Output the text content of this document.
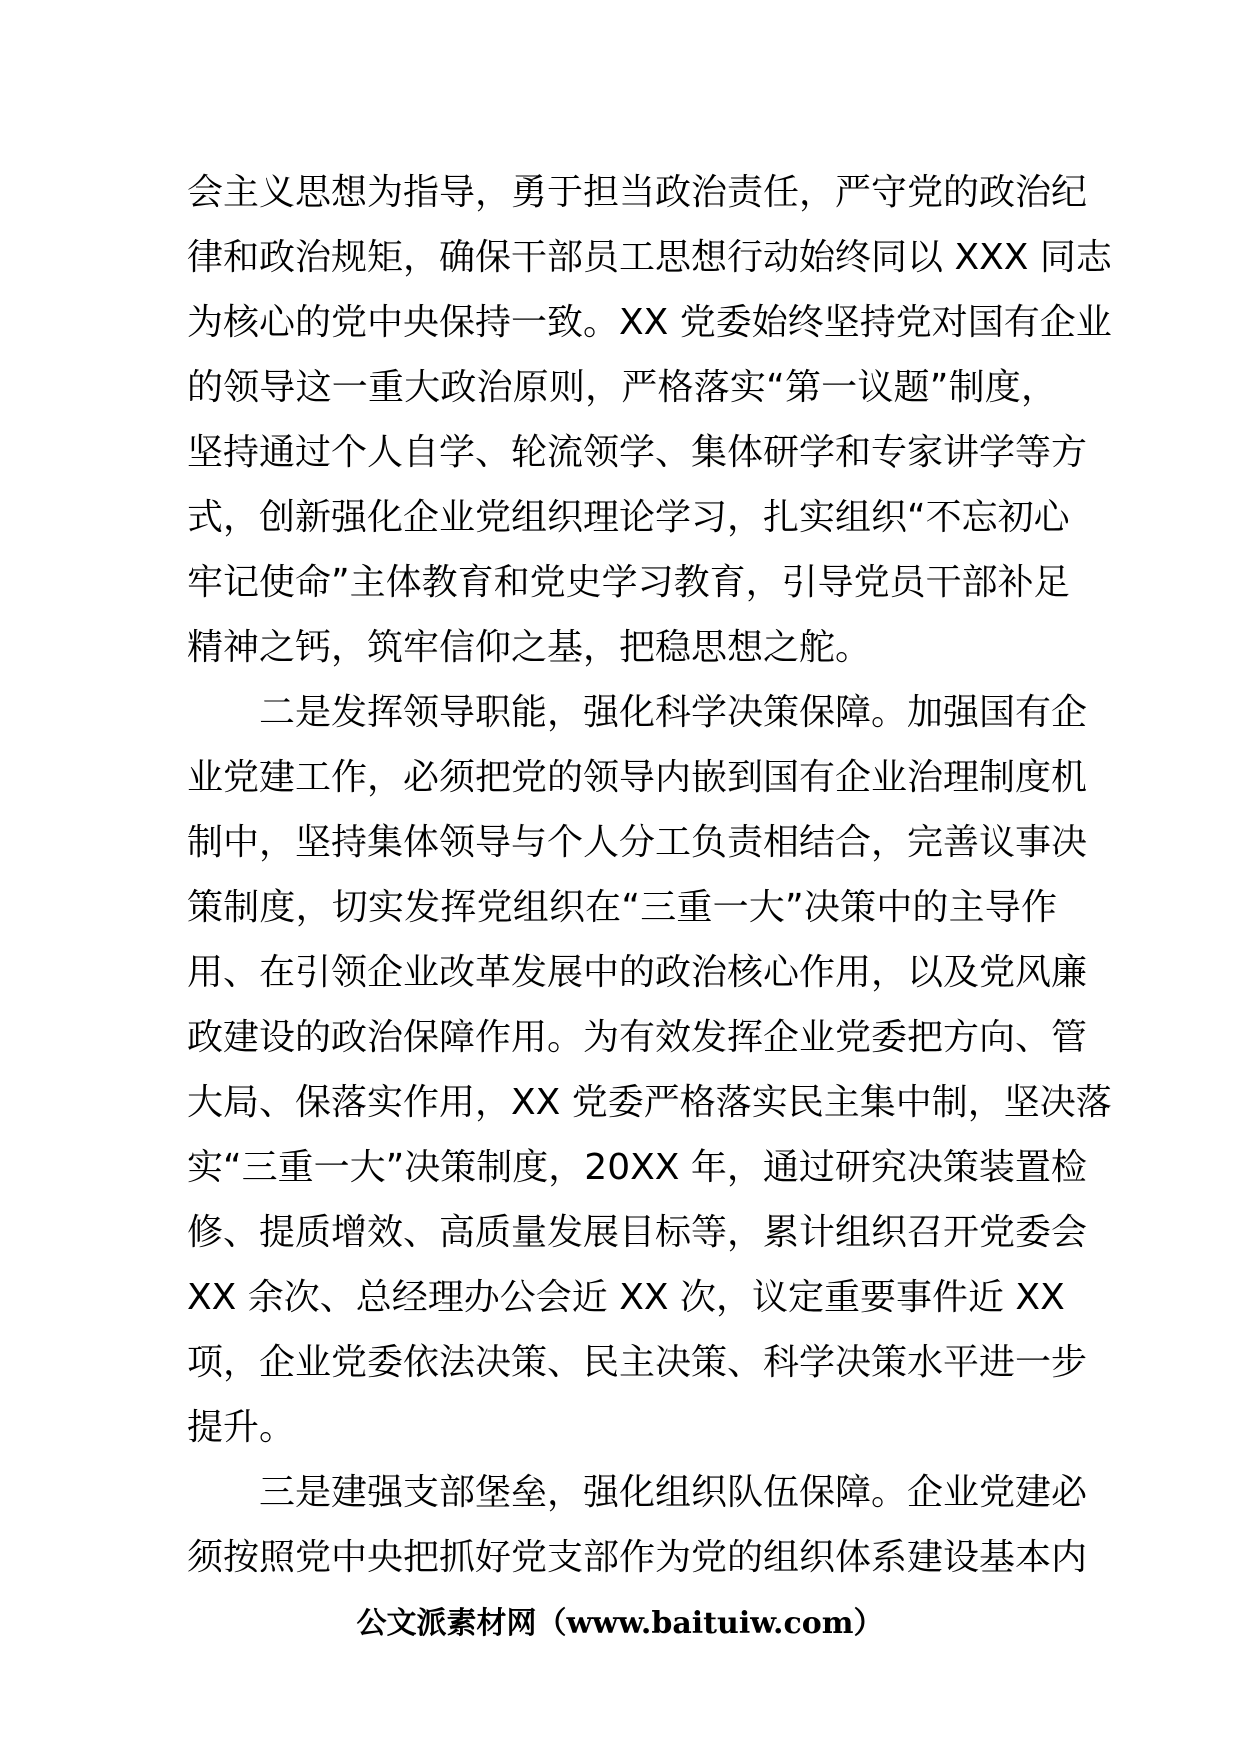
会主义思想为指导，勇于担当政治责任，严守党的政治纪
律和政治规矩，确保干部员工思想行动始终同以 XXX 同志
为核心的党中央保持一致。XX 党委始终坚持党对国有企业
的领导这一重大政治原则，严格落实“第一议题”制度，
坚持通过个人自学、轮流领学、集体研学和专家讲学等方
式，创新强化企业党组织理论学习，扎实组织“不忘初心
牢记使命”主体教育和党史学习教育，引导党员干部补足
精神之钙，筑牢信仰之基，把稳思想之舵。
二是发挥领导职能，强化科学决策保障。加强国有企
业党建工作，必须把党的领导内嵌到国有企业治理制度机
制中，坚持集体领导与个人分工负责相结合，完善议事决
策制度，切实发挥党组织在“三重一大”决策中的主导作
用、在引领企业改革发展中的政治核心作用，以及党风廉
政建设的政治保障作用。为有效发挥企业党委把方向、管
大局、保落实作用，XX 党委严格落实民主集中制，坚决落
实“三重一大”决策制度，20XX 年，通过研究决策装置检
修、提质增效、高质量发展目标等，累计组织召开党委会
XX 余次、总经理办公会近 XX 次，议定重要事件近 XX
项，企业党委依法决策、民主决策、科学决策水平进一步
提升。
三是建强支部堡垒，强化组织队伍保障。企业党建必
须按照党中央把抓好党支部作为党的组织体系建设基本内
公文派素材网（www.baituiw.com）
